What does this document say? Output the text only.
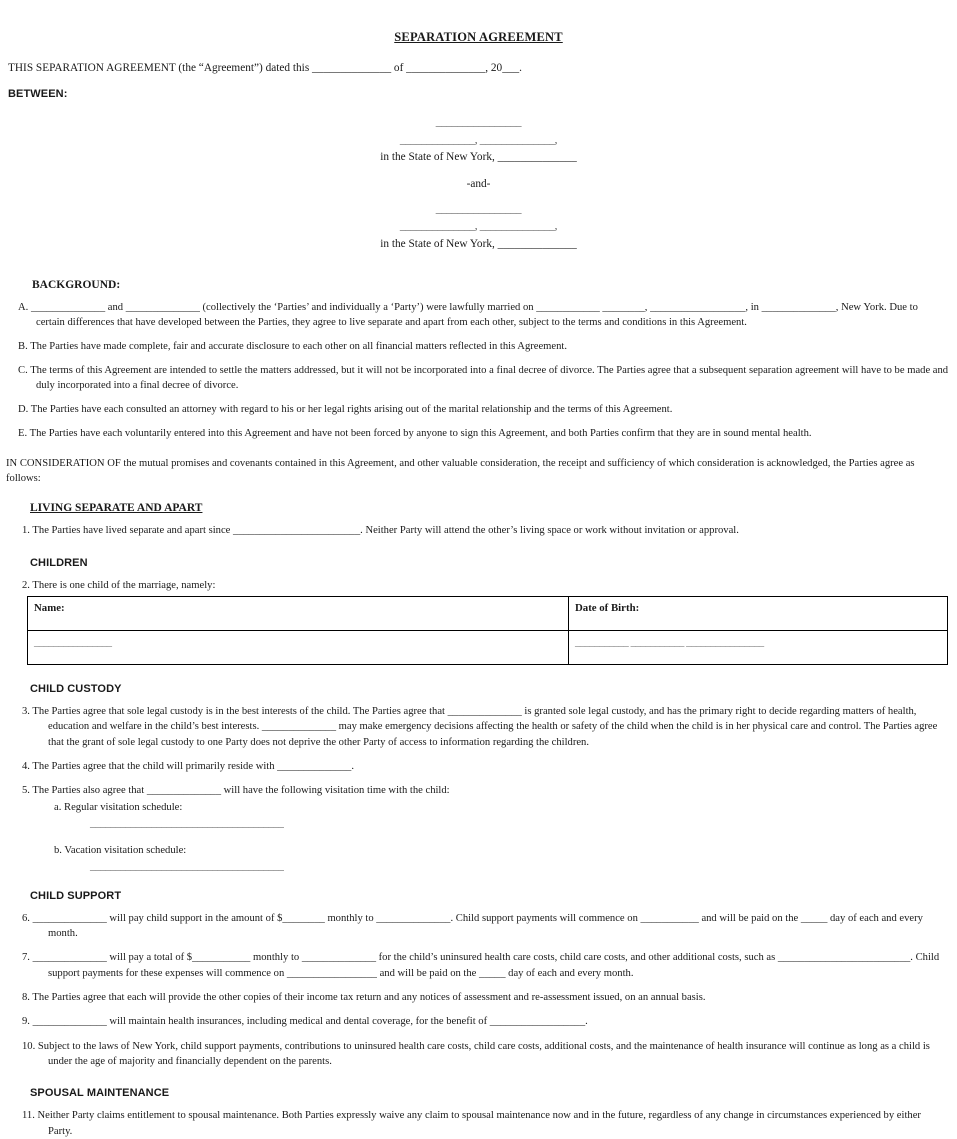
SEPARATION AGREEMENT
THIS SEPARATION AGREEMENT (the “Agreement”) dated this ______________ of ______________, 20___.
BETWEEN:
________________
______________, ______________,
in the State of New York, ______________
-and-
________________
______________, ______________,
in the State of New York, ______________
BACKGROUND:
A. ______________ and ______________ (collectively the ‘Parties’ and individually a ‘Party’) were lawfully married on ____________ ________, __________________, in ______________, New York. Due to certain differences that have developed between the Parties, they agree to live separate and apart from each other, subject to the terms and conditions in this Agreement.
B. The Parties have made complete, fair and accurate disclosure to each other on all financial matters reflected in this Agreement.
C. The terms of this Agreement are intended to settle the matters addressed, but it will not be incorporated into a final decree of divorce. The Parties agree that a subsequent separation agreement will have to be made and duly incorporated into a final decree of divorce.
D. The Parties have each consulted an attorney with regard to his or her legal rights arising out of the marital relationship and the terms of this Agreement.
E. The Parties have each voluntarily entered into this Agreement and have not been forced by anyone to sign this Agreement, and both Parties confirm that they are in sound mental health.
IN CONSIDERATION OF the mutual promises and covenants contained in this Agreement, and other valuable consideration, the receipt and sufficiency of which consideration is acknowledged, the Parties agree as follows:
LIVING SEPARATE AND APART
1. The Parties have lived separate and apart since ________________________. Neither Party will attend the other’s living space or work without invitation or approval.
CHILDREN
2. There is one child of the marriage, namely:
Name:	Date of Birth:
________________	___________ ___________ ________________
CHILD CUSTODY
3. The Parties agree that sole legal custody is in the best interests of the child. The Parties agree that ______________ is granted sole legal custody, and has the primary right to decide regarding matters of health, education and welfare in the child’s best interests. ______________ may make emergency decisions affecting the health or safety of the child when the child is in her physical care and control. The Parties agree that the grant of sole legal custody to one Party does not deprive the other Party of access to information regarding the children.
4. The Parties agree that the child will primarily reside with ______________.
5. The Parties also agree that ______________ will have the following visitation time with the child:
a. Regular visitation schedule:
______________________________________
b. Vacation visitation schedule:
______________________________________
CHILD SUPPORT
6. ______________ will pay child support in the amount of $________ monthly to ______________. Child support payments will commence on ___________ and will be paid on the _____ day of each and every month.
7. ______________ will pay a total of $___________ monthly to ______________ for the child’s uninsured health care costs, child care costs, and other additional costs, such as _________________________. Child support payments for these expenses will commence on _________________ and will be paid on the _____ day of each and every month.
8. The Parties agree that each will provide the other copies of their income tax return and any notices of assessment and re-assessment issued, on an annual basis.
9. ______________ will maintain health insurances, including medical and dental coverage, for the benefit of __________________.
10. Subject to the laws of New York, child support payments, contributions to uninsured health care costs, child care costs, additional costs, and the maintenance of health insurance will continue as long as a child is under the age of majority and financially dependent on the parents.
SPOUSAL MAINTENANCE
11. Neither Party claims entitlement to spousal maintenance. Both Parties expressly waive any claim to spousal maintenance now and in the future, regardless of any change in circumstances experienced by either Party.
